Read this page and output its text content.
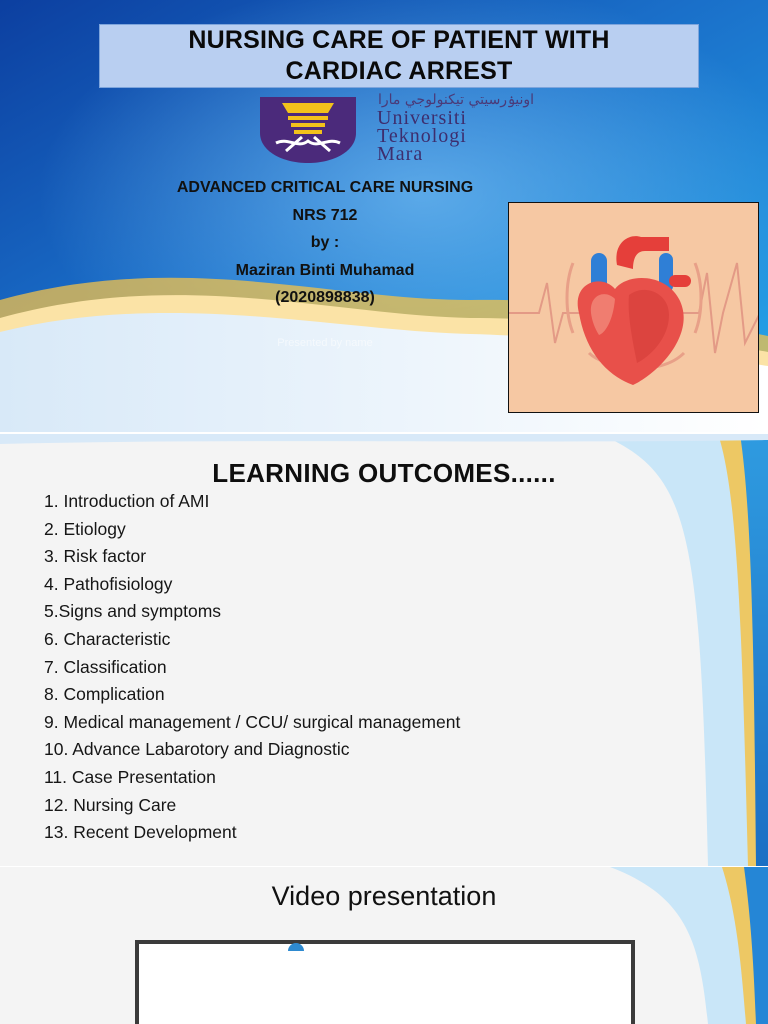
NURSING CARE OF PATIENT WITH
CARDIAC ARREST
اونيۏرسيتي تيكنولوجي مارا
Universiti
Teknologi
Mara
ADVANCED CRITICAL CARE NURSING
NRS 712
by :
Maziran Binti Muhamad
(2020898838)
Presented by name
LEARNING OUTCOMES......
1. Introduction of AMI
2. Etiology
3. Risk factor
4. Pathofisiology
5.Signs and symptoms
6. Characteristic
7. Classification
8. Complication
9. Medical management / CCU/ surgical management
10. Advance Labarotory and Diagnostic
11. Case Presentation
12. Nursing Care
13. Recent Development
Video presentation
